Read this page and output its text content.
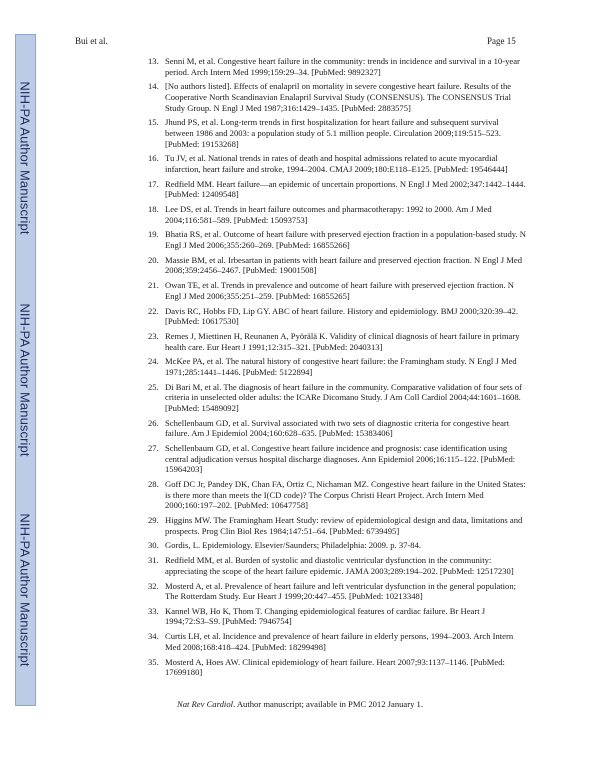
NIH-PA Author Manuscript
NIH-PA Author Manuscript
NIH-PA Author Manuscript
Bui et al.	Page 15
13. Senni M, et al. Congestive heart failure in the community: trends in incidence and survival in a 10-year period. Arch Intern Med 1999;159:29–34. [PubMed: 9892327]
14. [No authors listed]. Effects of enalapril on mortality in severe congestive heart failure. Results of the Cooperative North Scandinavian Enalapril Survival Study (CONSENSUS). The CONSENSUS Trial Study Group. N Engl J Med 1987;316:1429–1435. [PubMed: 2883575]
15. Jhund PS, et al. Long-term trends in first hospitalization for heart failure and subsequent survival between 1986 and 2003: a population study of 5.1 million people. Circulation 2009;119:515–523. [PubMed: 19153268]
16. Tu JV, et al. National trends in rates of death and hospital admissions related to acute myocardial infarction, heart failure and stroke, 1994–2004. CMAJ 2009;180:E118–E125. [PubMed: 19546444]
17. Redfield MM. Heart failure—an epidemic of uncertain proportions. N Engl J Med 2002;347:1442–1444. [PubMed: 12409548]
18. Lee DS, et al. Trends in heart failure outcomes and pharmacotherapy: 1992 to 2000. Am J Med 2004;116:581–589. [PubMed: 15093753]
19. Bhatia RS, et al. Outcome of heart failure with preserved ejection fraction in a population-based study. N Engl J Med 2006;355:260–269. [PubMed: 16855266]
20. Massie BM, et al. Irbesartan in patients with heart failure and preserved ejection fraction. N Engl J Med 2008;359:2456–2467. [PubMed: 19001508]
21. Owan TE, et al. Trends in prevalence and outcome of heart failure with preserved ejection fraction. N Engl J Med 2006;355:251–259. [PubMed: 16855265]
22. Davis RC, Hobbs FD, Lip GY. ABC of heart failure. History and epidemiology. BMJ 2000;320:39–42. [PubMed: 10617530]
23. Remes J, Miettinen H, Reunanen A, Pyörälä K. Validity of clinical diagnosis of heart failure in primary health care. Eur Heart J 1991;12:315–321. [PubMed: 2040313]
24. McKee PA, et al. The natural history of congestive heart failure: the Framingham study. N Engl J Med 1971;285:1441–1446. [PubMed: 5122894]
25. Di Bari M, et al. The diagnosis of heart failure in the community. Comparative validation of four sets of criteria in unselected older adults: the ICARe Dicomano Study. J Am Coll Cardiol 2004;44:1601–1608. [PubMed: 15489092]
26. Schellenbaum GD, et al. Survival associated with two sets of diagnostic criteria for congestive heart failure. Am J Epidemiol 2004;160:628–635. [PubMed: 15383406]
27. Schellenbaum GD, et al. Congestive heart failure incidence and prognosis: case identification using central adjudication versus hospital discharge diagnoses. Ann Epidemiol 2006;16:115–122. [PubMed: 15964203]
28. Goff DC Jr, Pandey DK, Chan FA, Ortiz C, Nichaman MZ. Congestive heart failure in the United States: is there more than meets the I(CD code)? The Corpus Christi Heart Project. Arch Intern Med 2000;160:197–202. [PubMed: 10647758]
29. Higgins MW. The Framingham Heart Study: review of epidemiological design and data, limitations and prospects. Prog Clin Biol Res 1984;147:51–64. [PubMed: 6739495]
30. Gordis, L. Epidemiology. Elsevier/Saunders; Philadelphia: 2009. p. 37-84.
31. Redfield MM, et al. Burden of systolic and diastolic ventricular dysfunction in the community: appreciating the scope of the heart failure epidemic. JAMA 2003;289:194–202. [PubMed: 12517230]
32. Mosterd A, et al. Prevalence of heart failure and left ventricular dysfunction in the general population; The Rotterdam Study. Eur Heart J 1999;20:447–455. [PubMed: 10213348]
33. Kannel WB, Ho K, Thom T. Changing epidemiological features of cardiac failure. Br Heart J 1994;72:S3–S9. [PubMed: 7946754]
34. Curtis LH, et al. Incidence and prevalence of heart failure in elderly persons, 1994–2003. Arch Intern Med 2008;168:418–424. [PubMed: 18299498]
35. Mosterd A, Hoes AW. Clinical epidemiology of heart failure. Heart 2007;93:1137–1146. [PubMed: 17699180]
Nat Rev Cardiol. Author manuscript; available in PMC 2012 January 1.
